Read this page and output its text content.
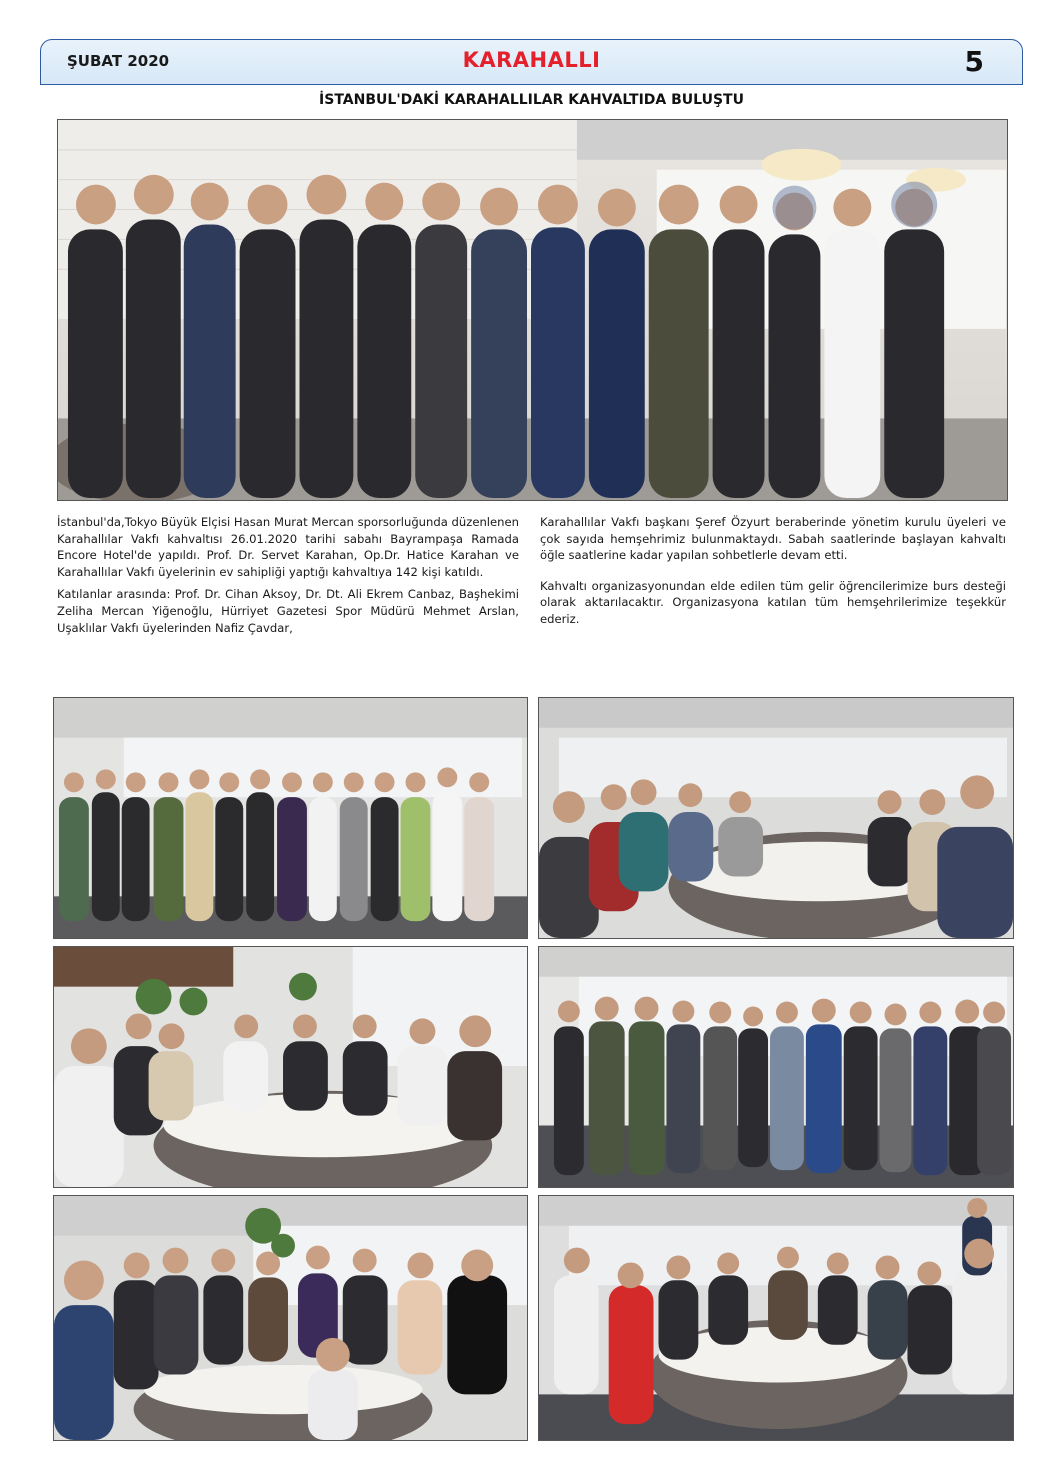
ŞUBAT 2020	KARAHALLI	5
İSTANBUL'DAKİ KARAHALLILAR KAHVALTIDA BULUŞTU

İstanbul'da,Tokyo Büyük Elçisi Hasan Murat Mercan sporsorluğunda düzenlenen Karahallılar Vakfı kahvaltısı 26.01.2020 tarihi sabahı Bayrampaşa Ramada Encore Hotel'de yapıldı. Prof. Dr. Servet Karahan, Op.Dr. Hatice Karahan ve Karahallılar Vakfı üyelerinin ev sahipliği yaptığı kahvaltıya 142 kişi katıldı.

Katılanlar arasında: Prof. Dr. Cihan Aksoy, Dr. Dt. Ali Ekrem Canbaz, Başhekimi Zeliha Mercan Yiğenoğlu, Hürriyet Gazetesi Spor Müdürü Mehmet Arslan, Uşaklılar Vakfı üyelerinden Nafiz Çavdar,

Karahallılar Vakfı başkanı Şeref Özyurt beraberinde yönetim kurulu üyeleri ve çok sayıda hemşehrimiz bulunmaktaydı. Sabah saatlerinde başlayan kahvaltı öğle saatlerine kadar yapılan sohbetlerle devam etti.

Kahvaltı organizasyonundan elde edilen tüm gelir öğrencilerimize burs desteği olarak aktarılacaktır. Organizasyona katılan tüm hemşehrilerimize teşekkür ederiz.
